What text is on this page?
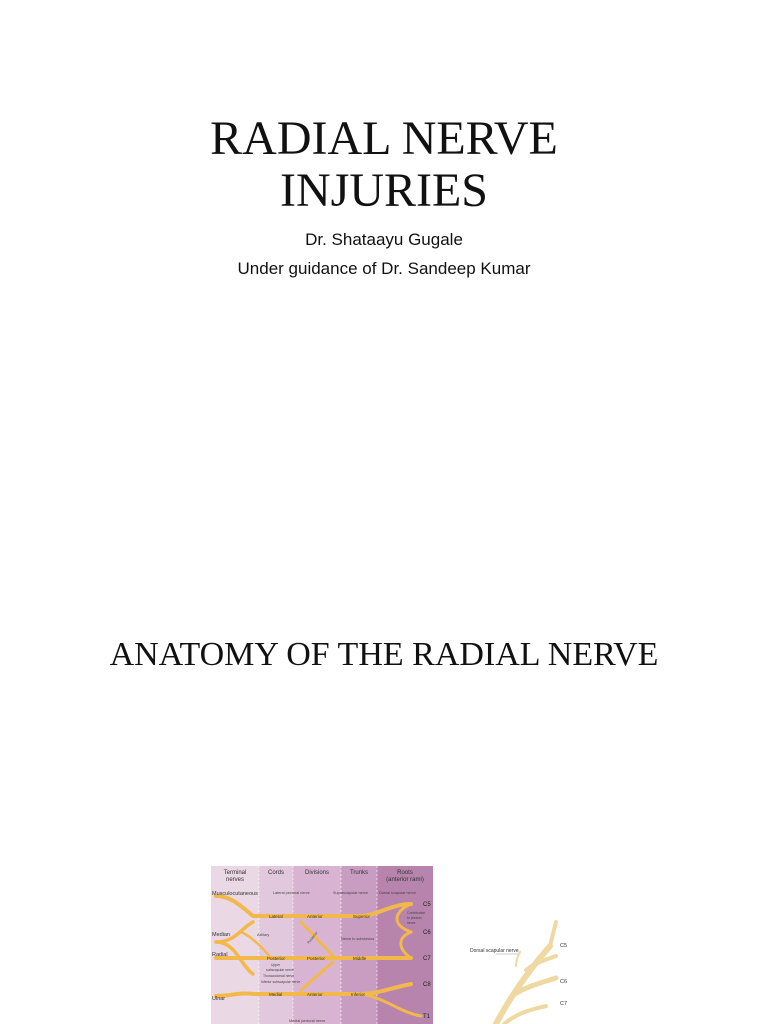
RADIAL NERVE
INJURIES
Dr. Shataayu Gugale
Under guidance of Dr. Sandeep Kumar
ANATOMY OF THE RADIAL NERVE
Terminal
nerves
Cords	Divisions	Trunks	Roots
(anterior rami)
Musculocutaneous
Median
Radial
Ulnar
Lateral
Posterior
Medial
Anterior
Posterior
Anterior
Superior
Middle
Inferior
C5
C6
C7
C8
T1
Lateral pectoral nerve	Suprascapular nerve	Dorsal scapular nerve
Axillary
Contribution
to phrenic
nerve
Nerve to subclavius
Upper
subscapular nerve
Thoracodorsal nerve
Inferior subscapular nerve
Medial pectoral nerve
Posterior
Dorsal scapular nerve
C5
C6
C7
